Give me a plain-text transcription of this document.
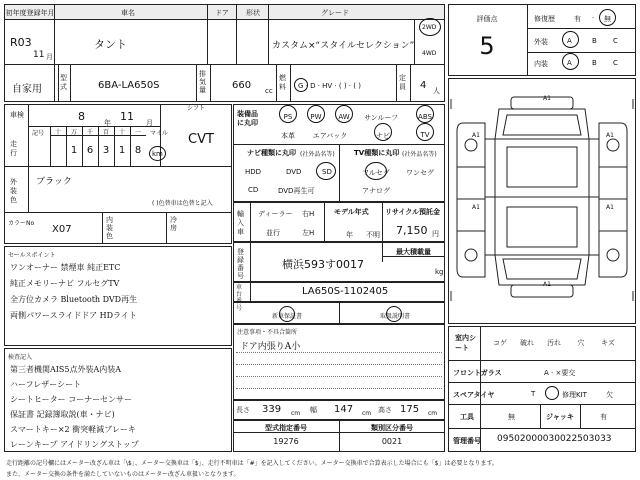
初年度登録年月	車名	ドア 形状	グレード
R03
11 月
タント	カスタム×“スタイルセレクション”
2WD
4WD
自家用
型式	6BA-LA650S
排気量	660 cc
燃料 G · D · HV · ( ) · ( )
定員 4 人
車検	8	年 11 月
シフト
CVT
走行
記号 十 万 千 百 十 一
1 6 3 1 8
マイル
km
外装色
ブラック
( )色替車は色替と記入
カラーNo
X07
内装色
冷房
装備品に丸印
PS	PW AW サンルーフ	ABS
本革	エアバック	ナビ	TV
ナビ種類に丸印 (社外品名等)	TV種類に丸印 (社外品名等)
HDD	DVD	SD
CD	DVD再生可
フルセグ ワンセグ
アナログ
輸入車
ディーラー
並行
右H
左H
モデル年式
年 不明
リサイクル預託金
7,150 円
登録番号
横浜593す0017
最大積載量
kg
車台番号
LA650S-1102405
新車保証書	取扱説明書
セールスポイント
ワンオーナー 禁煙車 純正ETC
純正メモリーナビ フルセグTV
全方位カメラ Bluetooth DVD再生
両側パワースライドドア HDライト
注意事項・不具合箇所
ドア内張りA小
検査記入
第三者機関AIS5点外装A内装A
ハーフレザーシート
シートヒーター コーナーセンサー
保証書 記録簿取説(車・ナビ)
スマートキー×2 衝突軽減ブレーキ
レーンキープ アイドリングストップ
長さ 339 cm 幅 147 cm 高さ 175 cm
型式指定番号	類別区分番号
19276	0021
評価点
5
修復歴	有 · 無
外装	A	B C
内装	A	B C
A1
A1	A1
A1	A1
A1
室内シート
コゲ 破れ 汚れ 穴 キズ
フロントガラス	A · ×要交
スペアタイヤ	T	修理KIT	欠
工具	無	ジャッキ	有
管理番号 09502000030022503033
走行距離の記号欄にはメーター改ざん車は「\$」、メーター交換車は「$」、走行不明車は「#」を記入してください。メーター交換車で合算表示した場合にも「$」は必要となります。
また、メーター交換の条件を満たしていないものはメーター改ざん車扱いとなります。
